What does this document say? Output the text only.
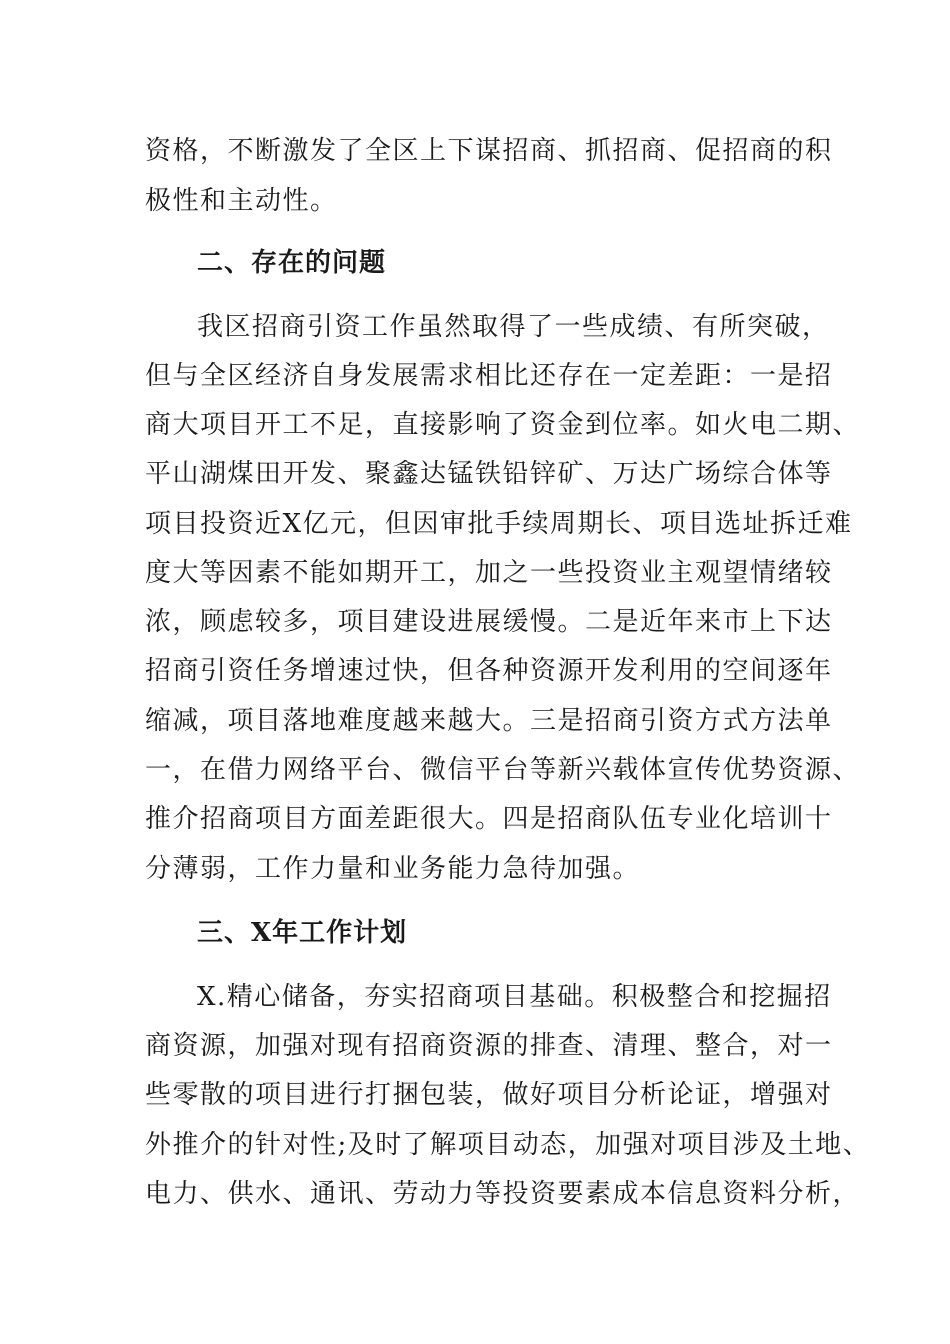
资格，不断激发了全区上下谋招商、抓招商、促招商的积
极性和主动性。
二、存在的问题
我区招商引资工作虽然取得了一些成绩、有所突破，
但与全区经济自身发展需求相比还存在一定差距：一是招
商大项目开工不足，直接影响了资金到位率。如火电二期、
平山湖煤田开发、聚鑫达锰铁铅锌矿、万达广场综合体等
项目投资近X亿元，但因审批手续周期长、项目选址拆迁难
度大等因素不能如期开工，加之一些投资业主观望情绪较
浓，顾虑较多，项目建设进展缓慢。二是近年来市上下达
招商引资任务增速过快，但各种资源开发利用的空间逐年
缩减，项目落地难度越来越大。三是招商引资方式方法单
一，在借力网络平台、微信平台等新兴载体宣传优势资源、
推介招商项目方面差距很大。四是招商队伍专业化培训十
分薄弱，工作力量和业务能力急待加强。
三、X年工作计划
X.精心储备，夯实招商项目基础。积极整合和挖掘招
商资源，加强对现有招商资源的排查、清理、整合，对一
些零散的项目进行打捆包装，做好项目分析论证，增强对
外推介的针对性;及时了解项目动态，加强对项目涉及土地、
电力、供水、通讯、劳动力等投资要素成本信息资料分析，
